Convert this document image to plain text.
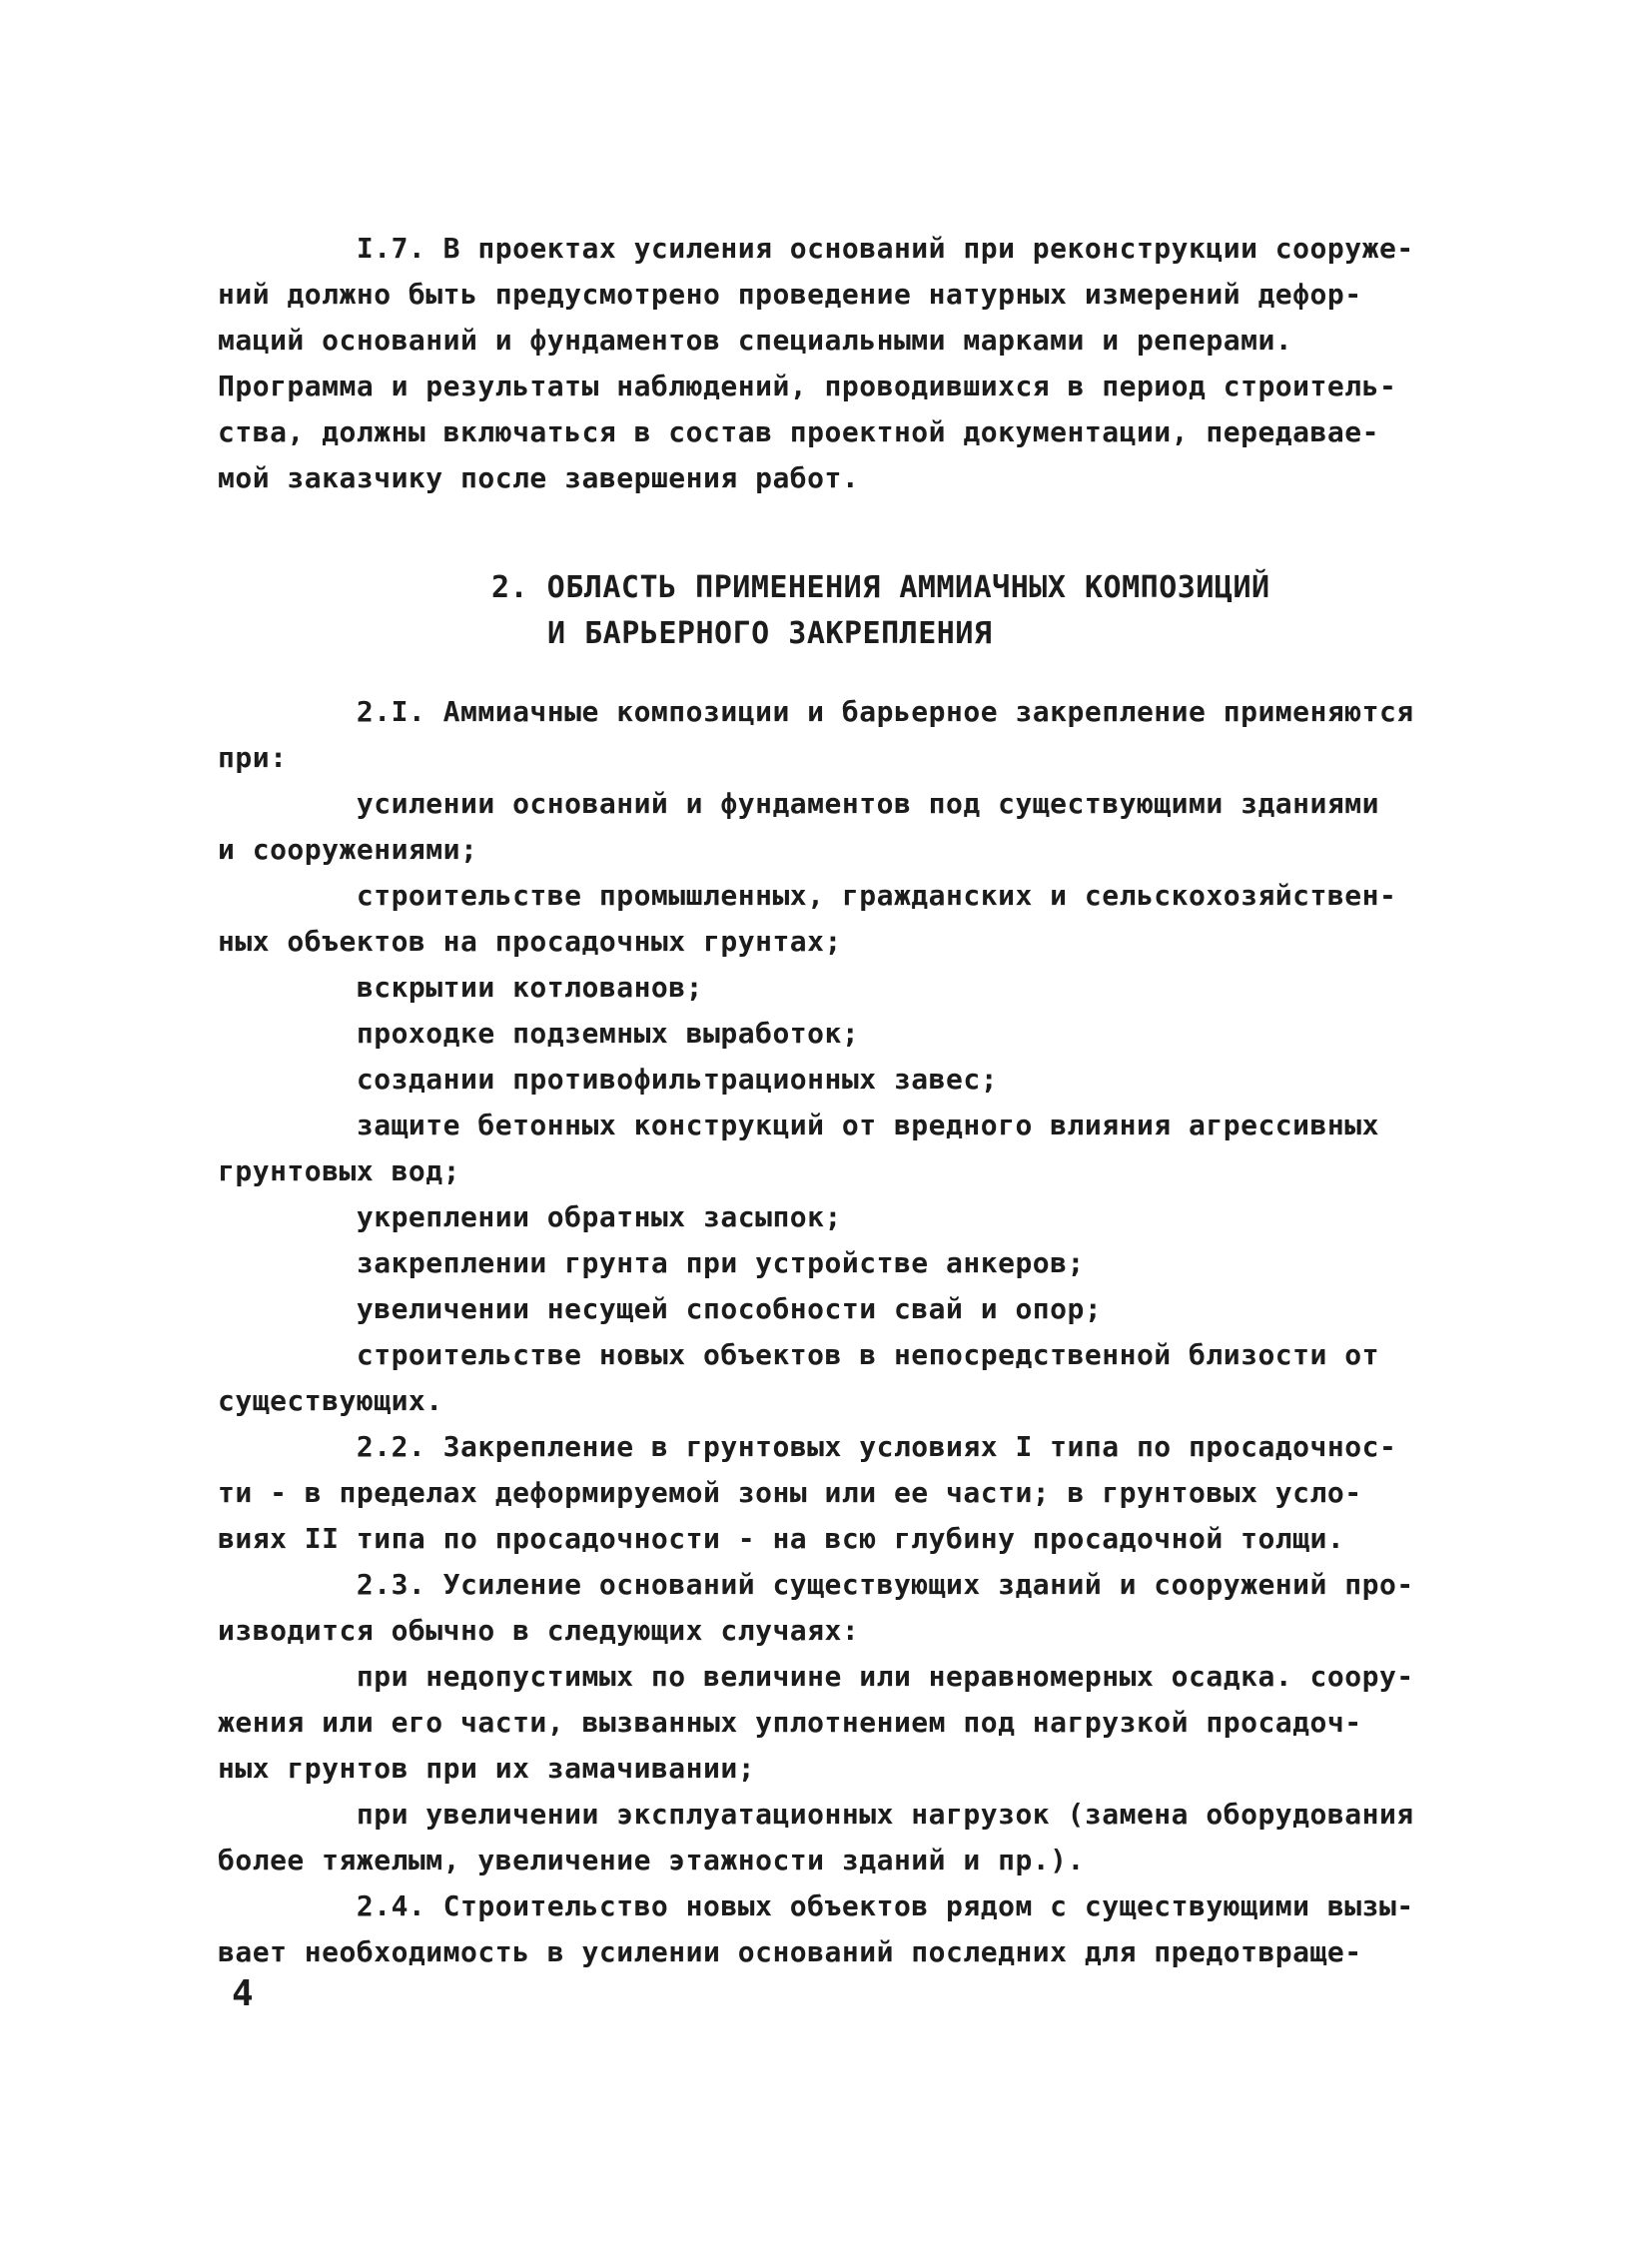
I.7. В проектах усиления оснований при реконструкции сооруже-
ний должно быть предусмотрено проведение натурных измерений дефор-
маций оснований и фундаментов специальными марками и реперами.
Программа и результаты наблюдений, проводившихся в период строитель-
ства, должны включаться в состав проектной документации, передавае-
мой заказчику после завершения работ.
2. ОБЛАСТЬ ПРИМЕНЕНИЯ АММИАЧНЫХ КОМПОЗИЦИЙ
И БАРЬЕРНОГО ЗАКРЕПЛЕНИЯ
2.I. Аммиачные композиции и барьерное закрепление применяются
при:
усилении оснований и фундаментов под существующими зданиями
и сооружениями;
строительстве промышленных, гражданских и сельскохозяйствен-
ных объектов на просадочных грунтах;
вскрытии котлованов;
проходке подземных выработок;
создании противофильтрационных завес;
защите бетонных конструкций от вредного влияния агрессивных
грунтовых вод;
укреплении обратных засыпок;
закреплении грунта при устройстве анкеров;
увеличении несущей способности свай и опор;
строительстве новых объектов в непосредственной близости от
существующих.
2.2. Закрепление в грунтовых условиях I типа по просадочнос-
ти - в пределах деформируемой зоны или ее части; в грунтовых усло-
виях II типа по просадочности - на всю глубину просадочной толщи.
2.3. Усиление оснований существующих зданий и сооружений про-
изводится обычно в следующих случаях:
при недопустимых по величине или неравномерных осадка. соору-
жения или его части, вызванных уплотнением под нагрузкой просадоч-
ных грунтов при их замачивании;
при увеличении эксплуатационных нагрузок (замена оборудования
более тяжелым, увеличение этажности зданий и пр.).
2.4. Строительство новых объектов рядом с существующими вызы-
вает необходимость в усилении оснований последних для предотвраще-
4
